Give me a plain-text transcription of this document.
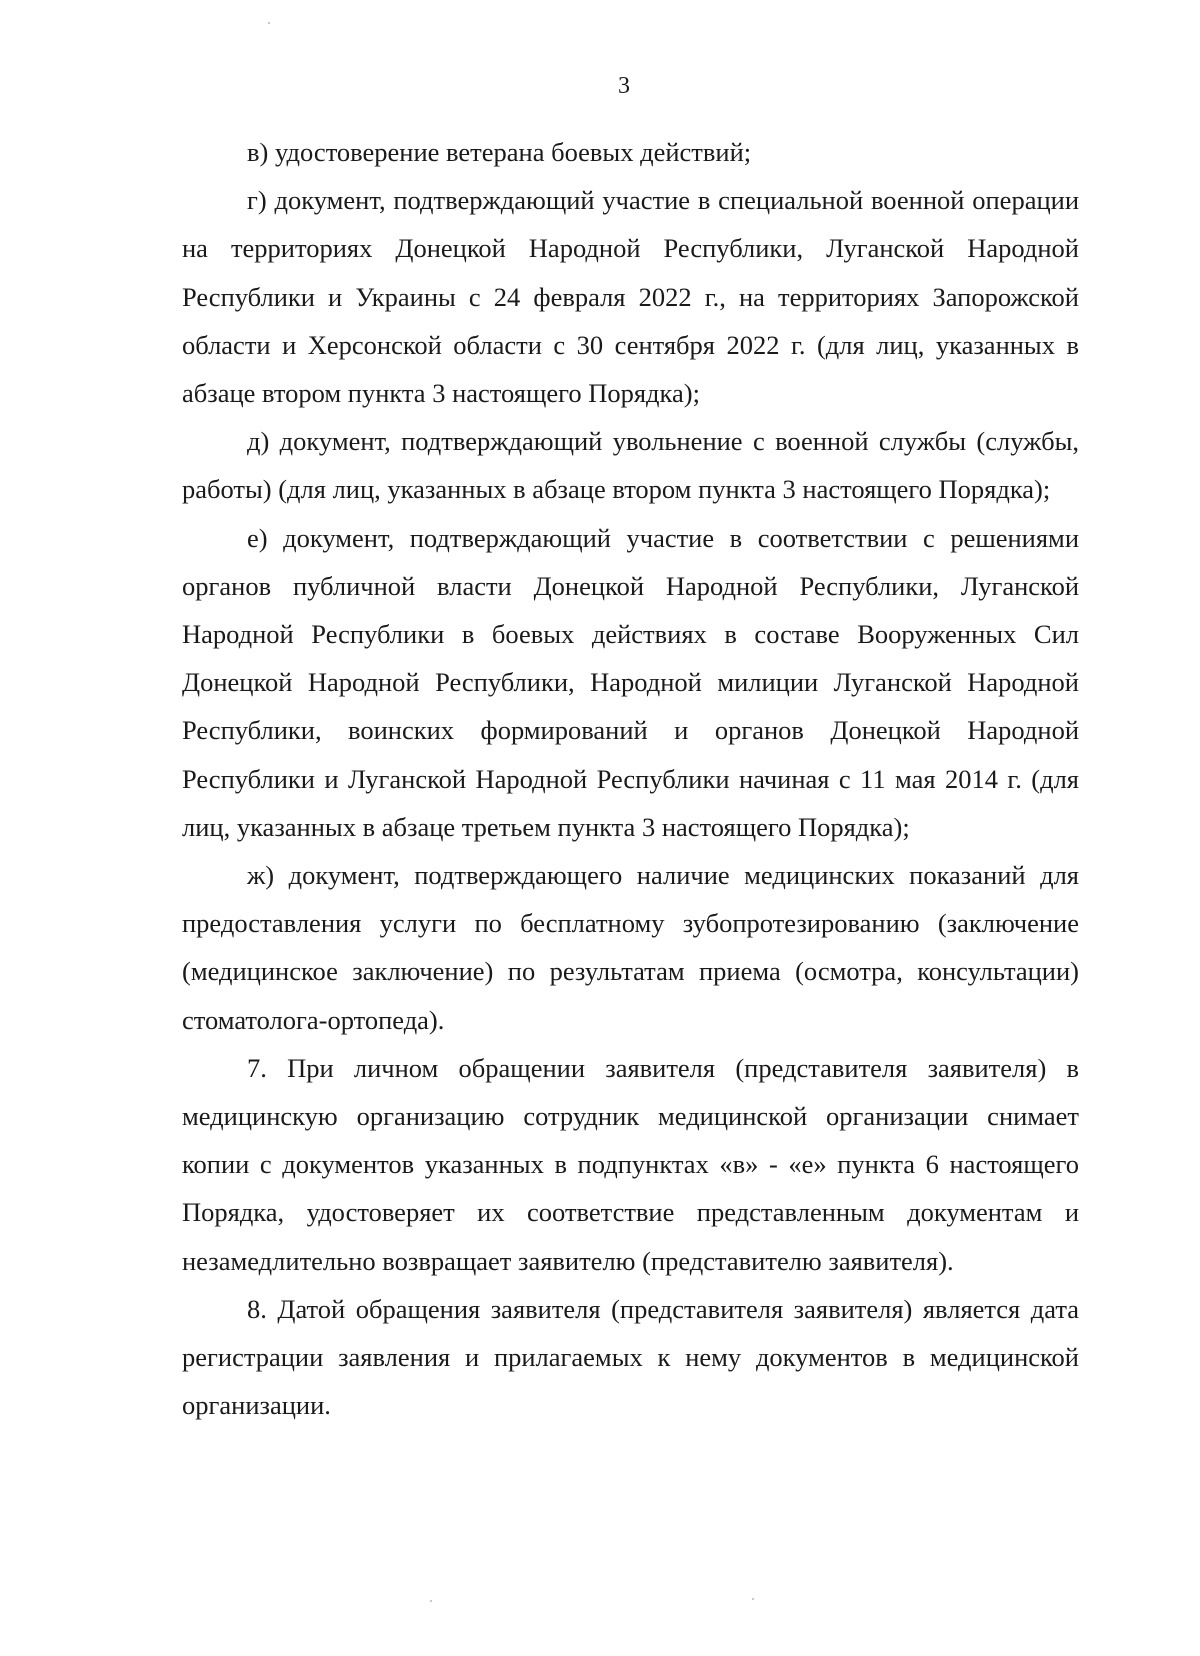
3

в) удостоверение ветерана боевых действий;

г) документ, подтверждающий участие в специальной военной операции на территориях Донецкой Народной Республики, Луганской Народной Республики и Украины с 24 февраля 2022 г., на территориях Запорожской области и Херсонской области с 30 сентября 2022 г. (для лиц, указанных в абзаце втором пункта 3 настоящего Порядка);

д) документ, подтверждающий увольнение с военной службы (службы, работы) (для лиц, указанных в абзаце втором пункта 3 настоящего Порядка);

е) документ, подтверждающий участие в соответствии с решениями органов публичной власти Донецкой Народной Республики, Луганской Народной Республики в боевых действиях в составе Вооруженных Сил Донецкой Народной Республики, Народной милиции Луганской Народной Республики, воинских формирований и органов Донецкой Народной Республики и Луганской Народной Республики начиная с 11 мая 2014 г. (для лиц, указанных в абзаце третьем пункта 3 настоящего Порядка);

ж) документ, подтверждающего наличие медицинских показаний для предоставления услуги по бесплатному зубопротезированию (заключение (медицинское заключение) по результатам приема (осмотра, консультации) стоматолога-ортопеда).

7. При личном обращении заявителя (представителя заявителя) в медицинскую организацию сотрудник медицинской организации снимает копии с документов указанных в подпунктах «в» - «е» пункта 6 настоящего Порядка, удостоверяет их соответствие представленным документам и незамедлительно возвращает заявителю (представителю заявителя).

8. Датой обращения заявителя (представителя заявителя) является дата регистрации заявления и прилагаемых к нему документов в медицинской организации.
